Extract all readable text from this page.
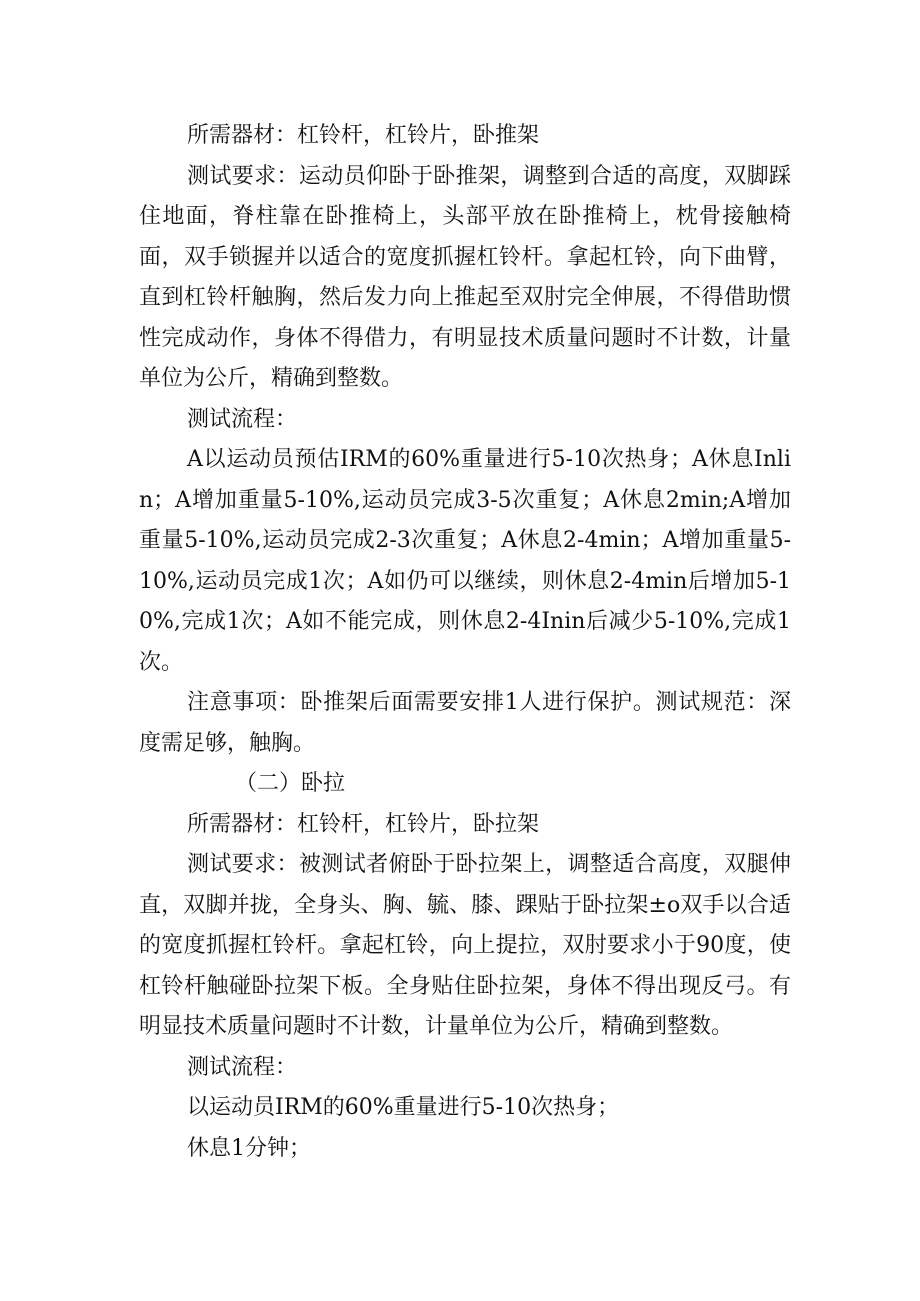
所需器材：杠铃杆，杠铃片，卧推架

测试要求：运动员仰卧于卧推架，调整到合适的高度，双脚踩住地面，脊柱靠在卧推椅上，头部平放在卧推椅上，枕骨接触椅面，双手锁握并以适合的宽度抓握杠铃杆。拿起杠铃，向下曲臂，直到杠铃杆触胸，然后发力向上推起至双肘完全伸展，不得借助惯性完成动作，身体不得借力，有明显技术质量问题时不计数，计量单位为公斤，精确到整数。

测试流程：

A以运动员预估IRM的60%重量进行5-10次热身；A休息Inlin；A增加重量5-10%,运动员完成3-5次重复；A休息2min;A增加重量5-10%,运动员完成2-3次重复；A休息2-4min；A增加重量5-10%,运动员完成1次；A如仍可以继续，则休息2-4min后增加5-10%,完成1次；A如不能完成，则休息2-4Inin后减少5-10%,完成1次。

注意事项：卧推架后面需要安排1人进行保护。测试规范：深度需足够，触胸。

（二）卧拉

所需器材：杠铃杆，杠铃片，卧拉架

测试要求：被测试者俯卧于卧拉架上，调整适合高度，双腿伸直，双脚并拢，全身头、胸、毓、膝、踝贴于卧拉架±o双手以合适的宽度抓握杠铃杆。拿起杠铃，向上提拉，双肘要求小于90度，使杠铃杆触碰卧拉架下板。全身贴住卧拉架，身体不得出现反弓。有明显技术质量问题时不计数，计量单位为公斤，精确到整数。

测试流程：

以运动员IRM的60%重量进行5-10次热身；

休息1分钟；
